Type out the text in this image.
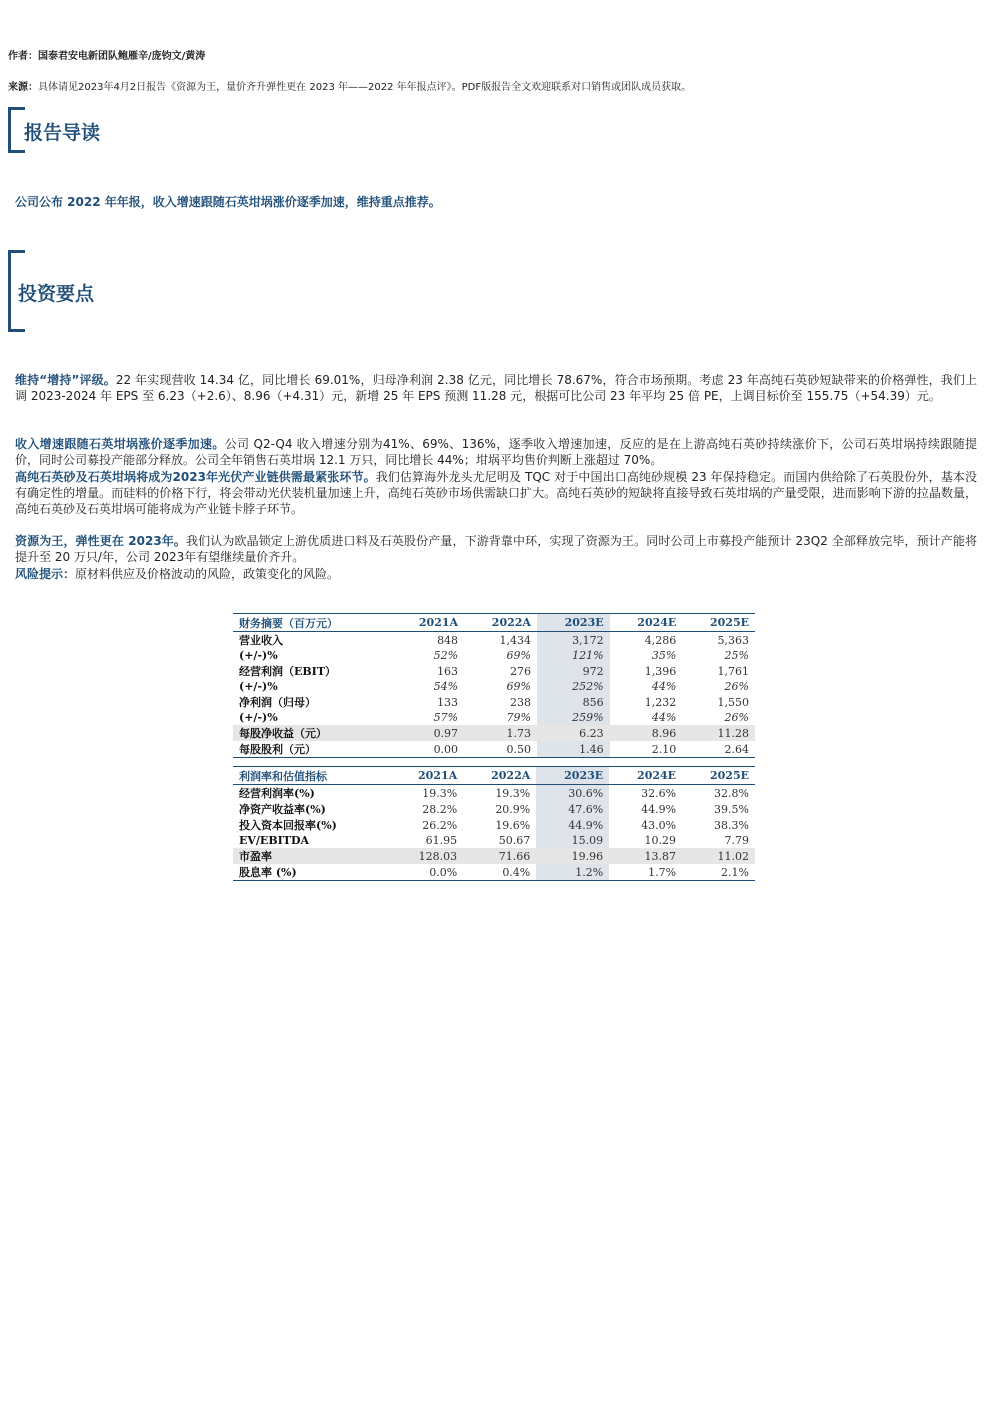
作者：国泰君安电新团队鲍雁辛/庞钧文/黄涛
来源：具体请见2023年4月2日报告《资源为王，量价齐升弹性更在 2023 年——2022 年年报点评》。PDF版报告全文欢迎联系对口销售或团队成员获取。
报告导读
公司公布 2022 年年报，收入增速跟随石英坩埚涨价逐季加速，维持重点推荐。
投资要点
维持“增持”评级。22 年实现营收 14.34 亿，同比增长 69.01%，归母净利润 2.38 亿元，同比增长 78.67%，符合市场预期。考虑 23 年高纯石英砂短缺带来的价格弹性，我们上调 2023-2024 年 EPS 至 6.23（+2.6）、8.96（+4.31）元，新增 25 年 EPS 预测 11.28 元，根据可比公司 23 年平均 25 倍 PE，上调目标价至 155.75（+54.39）元。
收入增速跟随石英坩埚涨价逐季加速。公司 Q2-Q4 收入增速分别为41%、69%、136%，逐季收入增速加速，反应的是在上游高纯石英砂持续涨价下，公司石英坩埚持续跟随提价，同时公司募投产能部分释放。公司全年销售石英坩埚 12.1 万只，同比增长 44%；坩埚平均售价判断上涨超过 70%。
高纯石英砂及石英坩埚将成为2023年光伏产业链供需最紧张环节。我们估算海外龙头尤尼明及 TQC 对于中国出口高纯砂规模 23 年保持稳定。而国内供给除了石英股份外，基本没有确定性的增量。而硅料的价格下行，将会带动光伏装机量加速上升，高纯石英砂市场供需缺口扩大。高纯石英砂的短缺将直接导致石英坩埚的产量受限，进而影响下游的拉晶数量，高纯石英砂及石英坩埚可能将成为产业链卡脖子环节。
资源为王，弹性更在 2023年。我们认为欧晶锁定上游优质进口料及石英股份产量，下游背靠中环，实现了资源为王。同时公司上市募投产能预计 23Q2 全部释放完毕，预计产能将提升至 20 万只/年，公司 2023年有望继续量价齐升。
风险提示：原材料供应及价格波动的风险，政策变化的风险。
财务摘要（百万元）	2021A	2022A	2023E	2024E	2025E
营业收入	848	1,434	3,172	4,286	5,363
(+/-)%	52%	69%	121%	35%	25%
经营利润（EBIT）	163	276	972	1,396	1,761
(+/-)%	54%	69%	252%	44%	26%
净利润（归母）	133	238	856	1,232	1,550
(+/-)%	57%	79%	259%	44%	26%
每股净收益（元）	0.97	1.73	6.23	8.96	11.28
每股股利（元）	0.00	0.50	1.46	2.10	2.64
利润率和估值指标	2021A	2022A	2023E	2024E	2025E
经营利润率(%)	19.3%	19.3%	30.6%	32.6%	32.8%
净资产收益率(%)	28.2%	20.9%	47.6%	44.9%	39.5%
投入资本回报率(%)	26.2%	19.6%	44.9%	43.0%	38.3%
EV/EBITDA	61.95	50.67	15.09	10.29	7.79
市盈率	128.03	71.66	19.96	13.87	11.02
股息率 (%)	0.0%	0.4%	1.2%	1.7%	2.1%
